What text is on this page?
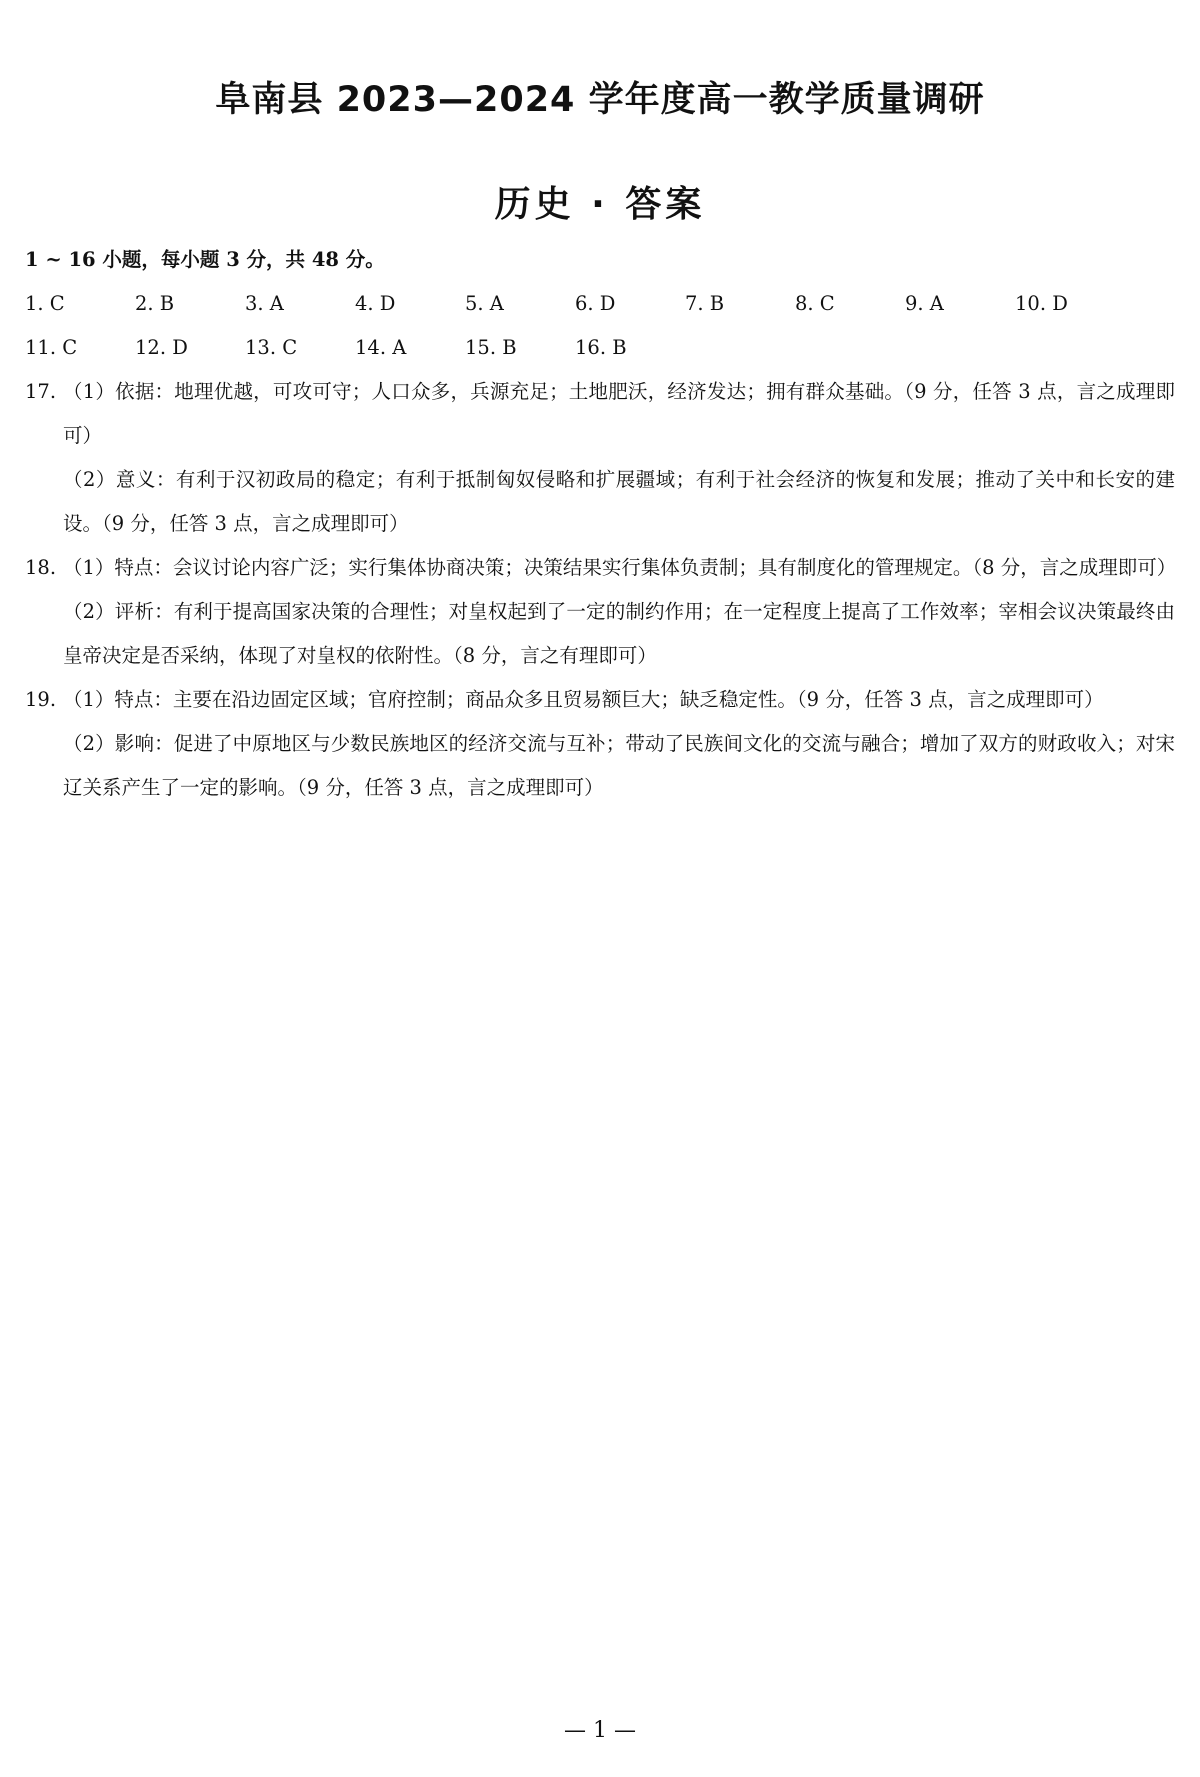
阜南县 2023—2024 学年度高一教学质量调研
历史 · 答案
1 ~ 16 小题，每小题 3 分，共 48 分。
1. C	2. B	3. A	4. D	5. A	6. D	7. B	8. C	9. A	10. D
11. C	12. D	13. C	14. A	15. B	16. B
17. （1）依据：地理优越，可攻可守；人口众多，兵源充足；土地肥沃，经济发达；拥有群众基础。（9 分，任答 3 点，言之成理即可）
（2）意义：有利于汉初政局的稳定；有利于抵制匈奴侵略和扩展疆域；有利于社会经济的恢复和发展；推动了关中和长安的建设。（9 分，任答 3 点，言之成理即可）
18. （1）特点：会议讨论内容广泛；实行集体协商决策；决策结果实行集体负责制；具有制度化的管理规定。（8 分，言之成理即可）
（2）评析：有利于提高国家决策的合理性；对皇权起到了一定的制约作用；在一定程度上提高了工作效率；宰相会议决策最终由皇帝决定是否采纳，体现了对皇权的依附性。（8 分，言之有理即可）
19. （1）特点：主要在沿边固定区域；官府控制；商品众多且贸易额巨大；缺乏稳定性。（9 分，任答 3 点，言之成理即可）
（2）影响：促进了中原地区与少数民族地区的经济交流与互补；带动了民族间文化的交流与融合；增加了双方的财政收入；对宋辽关系产生了一定的影响。（9 分，任答 3 点，言之成理即可）
— 1 —
